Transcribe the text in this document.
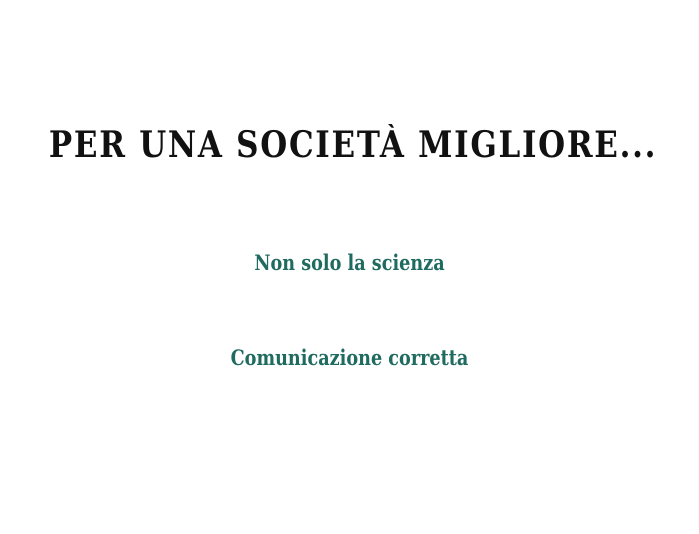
PER UNA SOCIETÀ MIGLIORE...
Non solo la scienza
Comunicazione corretta
